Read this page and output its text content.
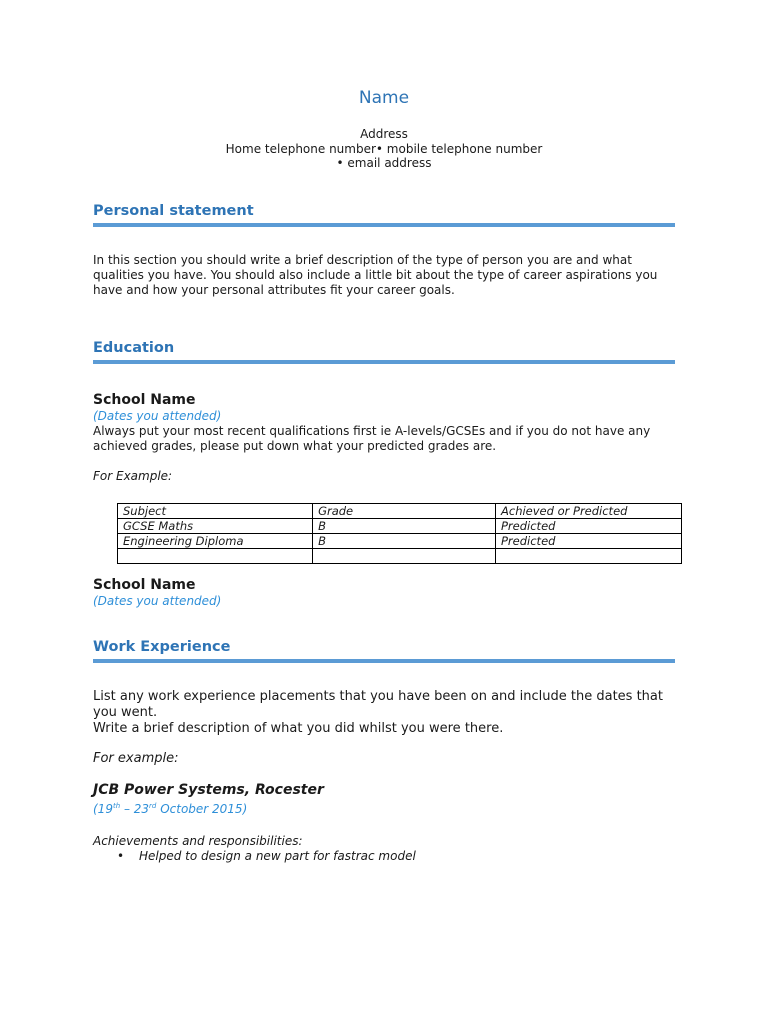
Name
Address
Home telephone number• mobile telephone number
• email address
Personal statement

In this section you should write a brief description of the type of person you are and what qualities you have. You should also include a little bit about the type of career aspirations you have and how your personal attributes fit your career goals.

Education

School Name

(Dates you attended)

Always put your most recent qualifications first ie A-levels/GCSEs and if you do not have any achieved grades, please put down what your predicted grades are.

For Example:

Subject	Grade	Achieved or Predicted
GCSE Maths	B	Predicted
Engineering Diploma	B	Predicted

School Name

(Dates you attended)

Work Experience

List any work experience placements that you have been on and include the dates that you went.

Write a brief description of what you did whilst you were there.

For example:

JCB Power Systems, Rocester

(19th – 23rd October 2015)

Achievements and responsibilities:

• Helped to design a new part for fastrac model
